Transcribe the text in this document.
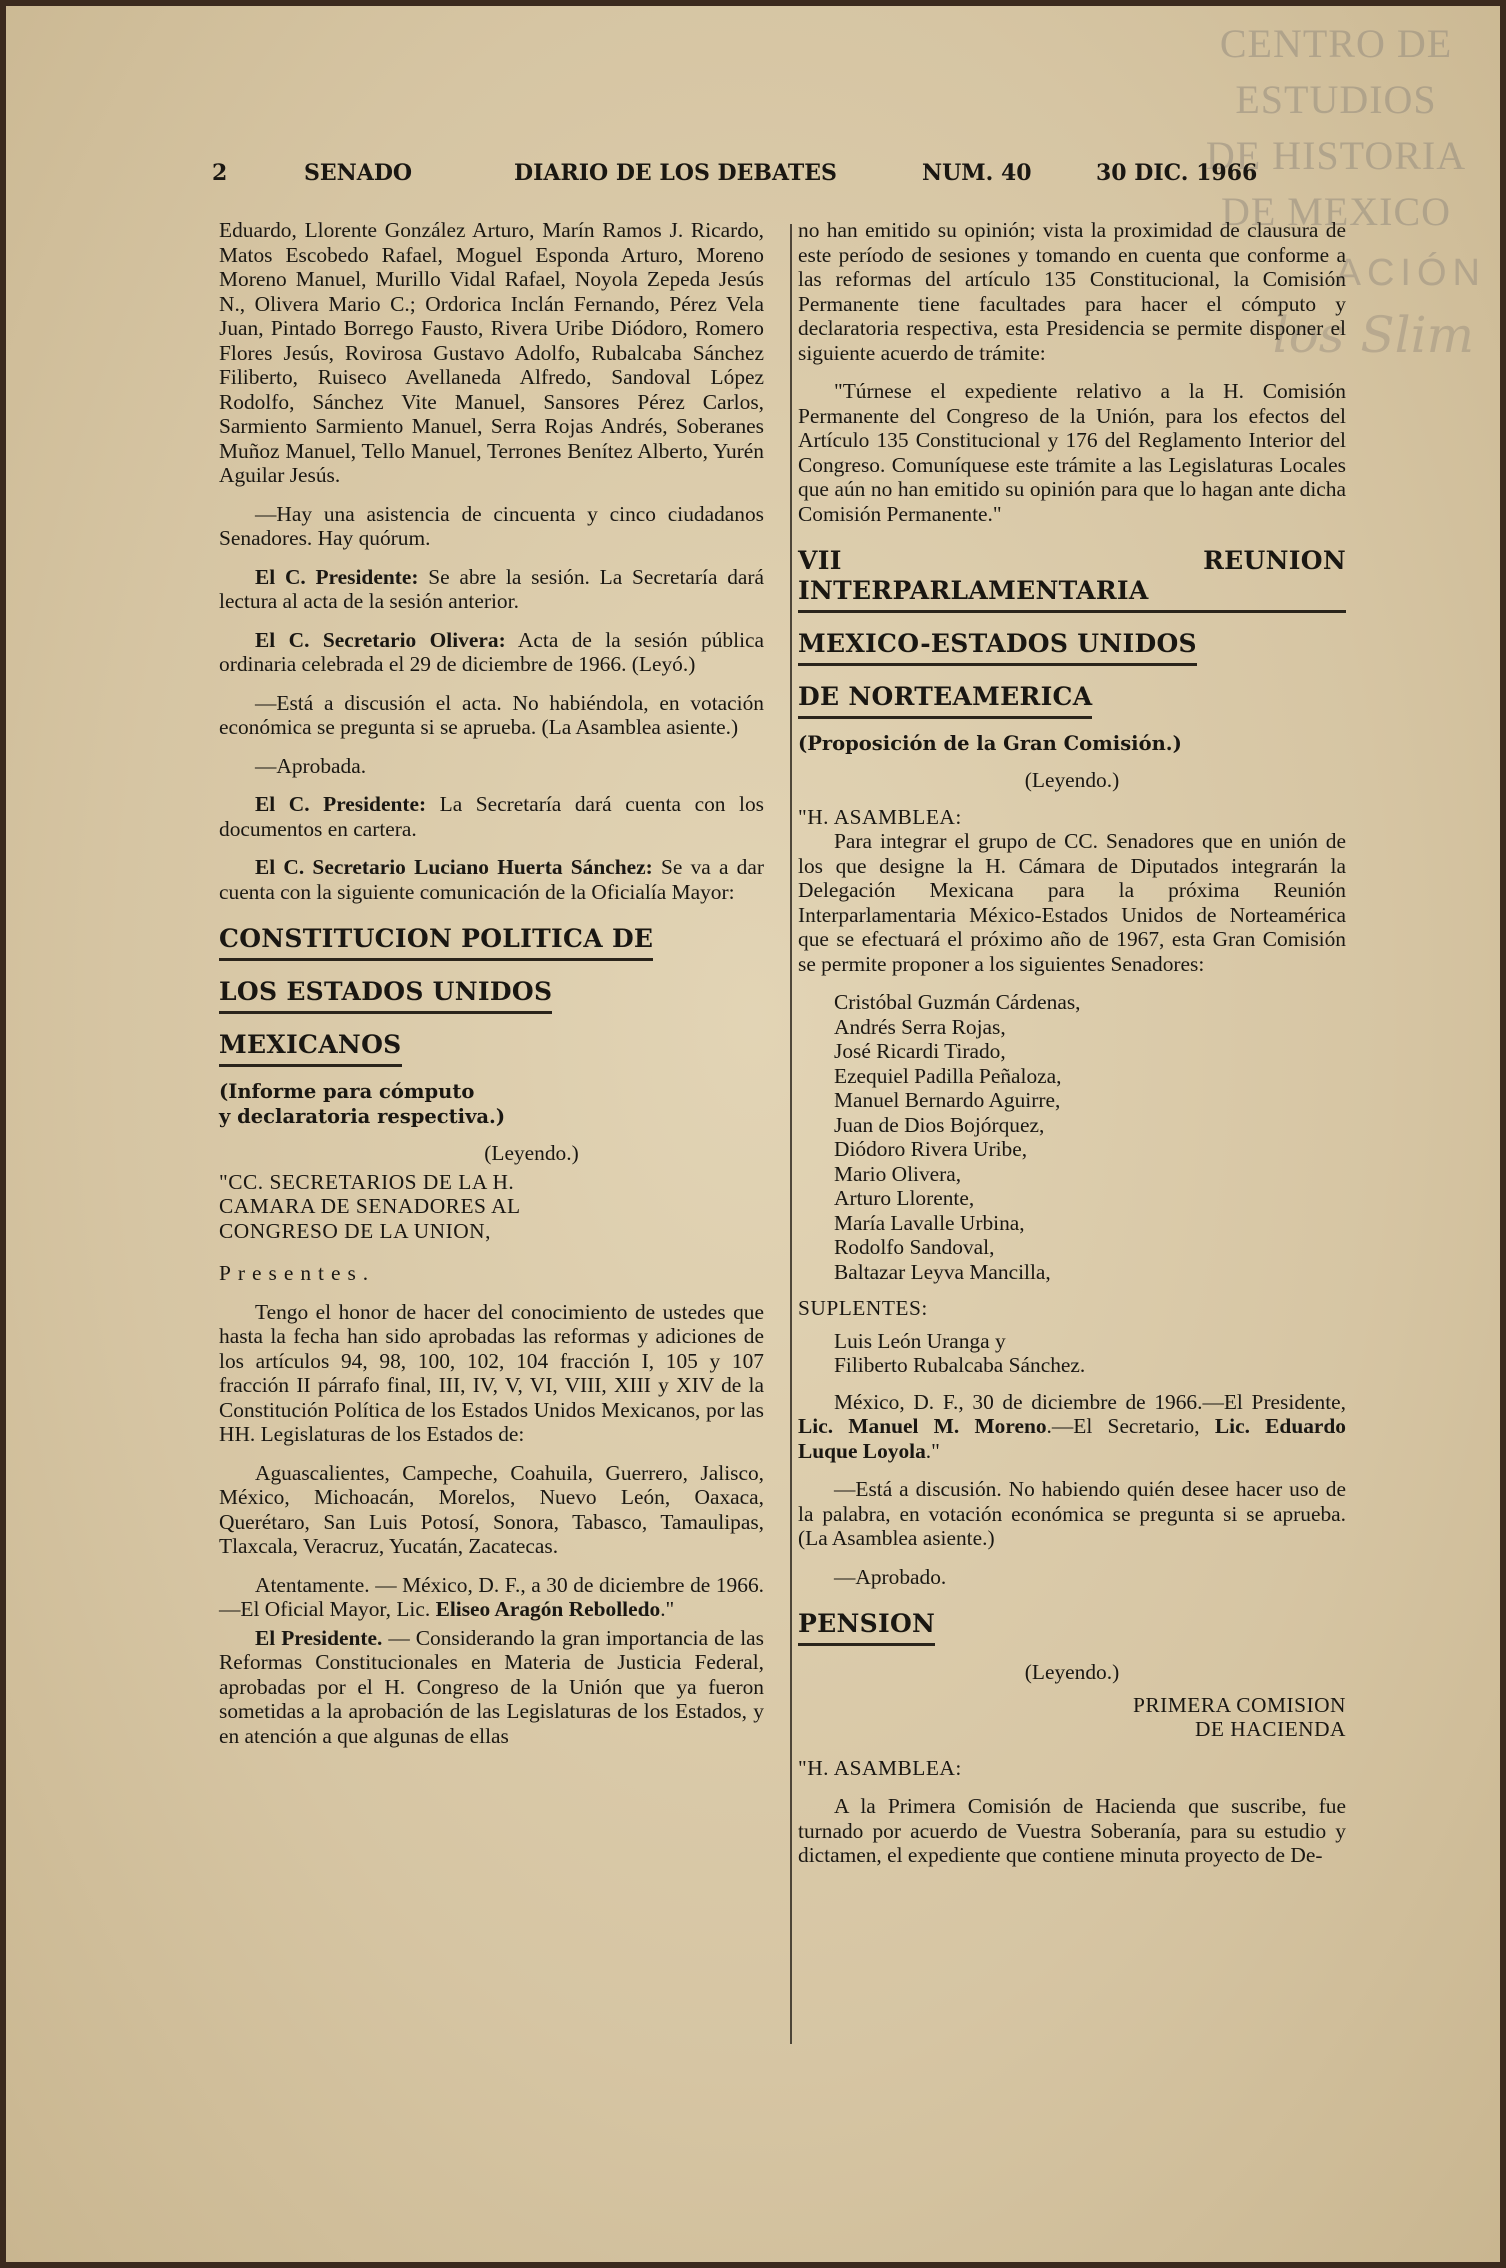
CENTRO DE
ESTUDIOS
DE HISTORIA
DE MEXICO
ACIÓN
los Slim
2	SENADO	DIARIO DE LOS DEBATES	NUM. 40	30 DIC. 1966

Eduardo, Llorente González Arturo, Marín Ramos J. Ricardo, Matos Escobedo Rafael, Moguel Esponda Arturo, Moreno Moreno Manuel, Murillo Vidal Rafael, Noyola Zepeda Jesús N., Olivera Mario C.; Ordorica Inclán Fernando, Pérez Vela Juan, Pintado Borrego Fausto, Rivera Uribe Diódoro, Romero Flores Jesús, Rovirosa Gustavo Adolfo, Rubalcaba Sánchez Filiberto, Ruiseco Avellaneda Alfredo, Sandoval López Rodolfo, Sánchez Vite Manuel, Sansores Pérez Carlos, Sarmiento Sarmiento Manuel, Serra Rojas Andrés, Soberanes Muñoz Manuel, Tello Manuel, Terrones Benítez Alberto, Yurén Aguilar Jesús.

—Hay una asistencia de cincuenta y cinco ciudadanos Senadores. Hay quórum.

El C. Presidente: Se abre la sesión. La Secretaría dará lectura al acta de la sesión anterior.

El C. Secretario Olivera: Acta de la sesión pública ordinaria celebrada el 29 de diciembre de 1966. (Leyó.)

—Está a discusión el acta. No habiéndola, en votación económica se pregunta si se aprueba. (La Asamblea asiente.)

—Aprobada.

El C. Presidente: La Secretaría dará cuenta con los documentos en cartera.

El C. Secretario Luciano Huerta Sánchez: Se va a dar cuenta con la siguiente comunicación de la Oficialía Mayor:

CONSTITUCION POLITICA DE
LOS ESTADOS UNIDOS
MEXICANOS
(Informe para cómputo
y declaratoria respectiva.)
(Leyendo.)
"CC. SECRETARIOS DE LA H.
CAMARA DE SENADORES AL
CONGRESO DE LA UNION,

Presentes.

Tengo el honor de hacer del conocimiento de ustedes que hasta la fecha han sido aprobadas las reformas y adiciones de los artículos 94, 98, 100, 102, 104 fracción I, 105 y 107 fracción II párrafo final, III, IV, V, VI, VIII, XIII y XIV de la Constitución Política de los Estados Unidos Mexicanos, por las HH. Legislaturas de los Estados de:

Aguascalientes, Campeche, Coahuila, Guerrero, Jalisco, México, Michoacán, Morelos, Nuevo León, Oaxaca, Querétaro, San Luis Potosí, Sonora, Tabasco, Tamaulipas, Tlaxcala, Veracruz, Yucatán, Zacatecas.

Atentamente. — México, D. F., a 30 de diciembre de 1966.—El Oficial Mayor, Lic. Eliseo Aragón Rebolledo."

El Presidente. — Considerando la gran importancia de las Reformas Constitucionales en Materia de Justicia Federal, aprobadas por el H. Congreso de la Unión que ya fueron sometidas a la aprobación de las Legislaturas de los Estados, y en atención a que algunas de ellas

no han emitido su opinión; vista la proximidad de clausura de este período de sesiones y tomando en cuenta que conforme a las reformas del artículo 135 Constitucional, la Comisión Permanente tiene facultades para hacer el cómputo y declaratoria respectiva, esta Presidencia se permite disponer el siguiente acuerdo de trámite:

"Túrnese el expediente relativo a la H. Comisión Permanente del Congreso de la Unión, para los efectos del Artículo 135 Constitucional y 176 del Reglamento Interior del Congreso. Comuníquese este trámite a las Legislaturas Locales que aún no han emitido su opinión para que lo hagan ante dicha Comisión Permanente."

VII REUNION INTERPARLAMENTARIA
MEXICO-ESTADOS UNIDOS
DE NORTEAMERICA
(Proposición de la Gran Comisión.)
(Leyendo.)
"H. ASAMBLEA:

Para integrar el grupo de CC. Senadores que en unión de los que designe la H. Cámara de Diputados integrarán la Delegación Mexicana para la próxima Reunión Interparlamentaria México-Estados Unidos de Norteamérica que se efectuará el próximo año de 1967, esta Gran Comisión se permite proponer a los siguientes Senadores:

Cristóbal Guzmán Cárdenas,
Andrés Serra Rojas,
José Ricardi Tirado,
Ezequiel Padilla Peñaloza,
Manuel Bernardo Aguirre,
Juan de Dios Bojórquez,
Diódoro Rivera Uribe,
Mario Olivera,
Arturo Llorente,
María Lavalle Urbina,
Rodolfo Sandoval,
Baltazar Leyva Mancilla,

SUPLENTES:

Luis León Uranga y
Filiberto Rubalcaba Sánchez.

México, D. F., 30 de diciembre de 1966.—El Presidente, Lic. Manuel M. Moreno.—El Secretario, Lic. Eduardo Luque Loyola."

—Está a discusión. No habiendo quién desee hacer uso de la palabra, en votación económica se pregunta si se aprueba. (La Asamblea asiente.)

—Aprobado.

PENSION
(Leyendo.)
PRIMERA COMISION
DE HACIENDA
"H. ASAMBLEA:

A la Primera Comisión de Hacienda que suscribe, fue turnado por acuerdo de Vuestra Soberanía, para su estudio y dictamen, el expediente que contiene minuta proyecto de De-
